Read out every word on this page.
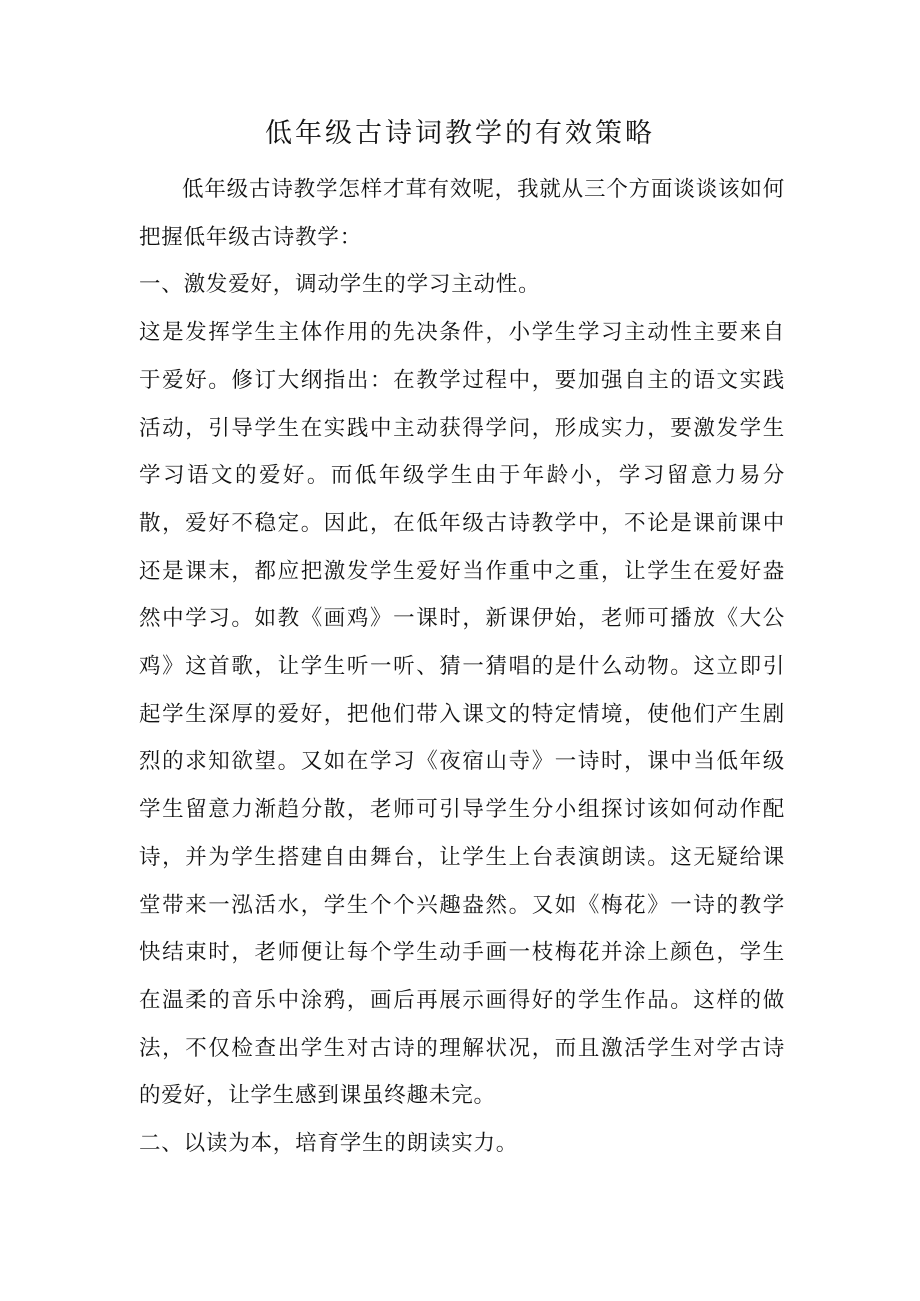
低年级古诗词教学的有效策略

低年级古诗教学怎样才茸有效呢，我就从三个方面谈谈该如何把握低年级古诗教学：

一、激发爱好，调动学生的学习主动性。

这是发挥学生主体作用的先决条件，小学生学习主动性主要来自于爱好。修订大纲指出：在教学过程中，要加强自主的语文实践活动，引导学生在实践中主动获得学问，形成实力，要激发学生学习语文的爱好。而低年级学生由于年龄小，学习留意力易分散，爱好不稳定。因此，在低年级古诗教学中，不论是课前课中还是课末，都应把激发学生爱好当作重中之重，让学生在爱好盎然中学习。如教《画鸡》一课时，新课伊始，老师可播放《大公鸡》这首歌，让学生听一听、猜一猜唱的是什么动物。这立即引起学生深厚的爱好，把他们带入课文的特定情境，使他们产生剧烈的求知欲望。又如在学习《夜宿山寺》一诗时，课中当低年级学生留意力渐趋分散，老师可引导学生分小组探讨该如何动作配诗，并为学生搭建自由舞台，让学生上台表演朗读。这无疑给课堂带来一泓活水，学生个个兴趣盎然。又如《梅花》一诗的教学快结束时，老师便让每个学生动手画一枝梅花并涂上颜色，学生在温柔的音乐中涂鸦，画后再展示画得好的学生作品。这样的做法，不仅检查出学生对古诗的理解状况，而且激活学生对学古诗的爱好，让学生感到课虽终趣未完。

二、以读为本，培育学生的朗读实力。
